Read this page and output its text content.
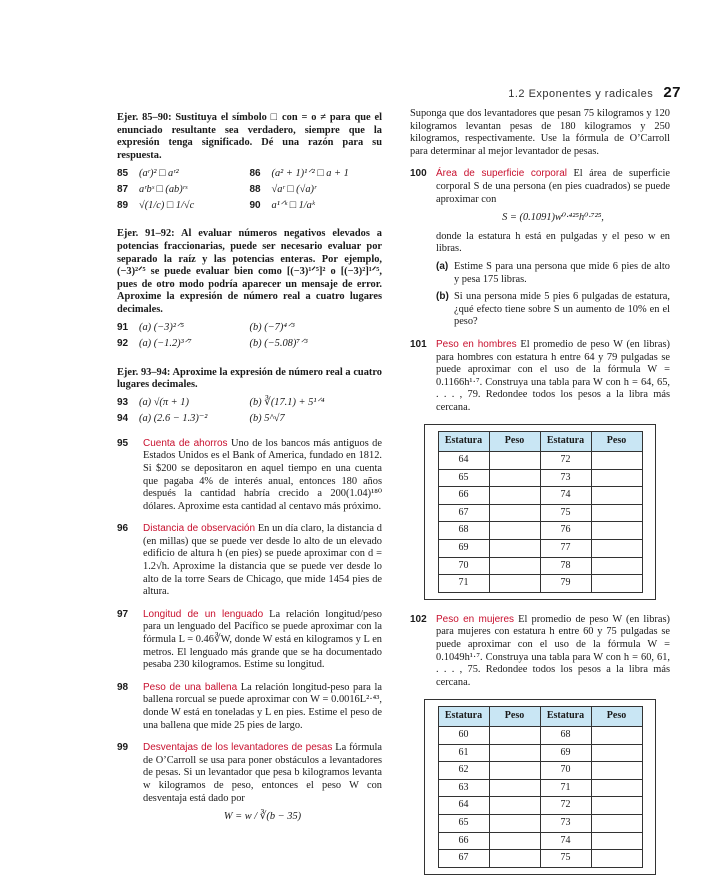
1.2 Exponentes y radicales 27

Ejer. 85–90: Sustituya el símbolo □ con = o ≠ para que el enunciado resultante sea verdadero, siempre que la expresión tenga significado. Dé una razón para su respuesta.

85	(aʳ)² □ aʳ²	86	(a² + 1)¹ᐟ² □ a + 1
87	aʳbˢ □ (ab)ʳˢ	88	√aʳ □ (√a)ʳ
89	√(1/c) □ 1/√c	90	a¹ᐟᵏ □ 1/aᵏ

Ejer. 91–92: Al evaluar números negativos elevados a potencias fraccionarias, puede ser necesario evaluar por separado la raíz y las potencias enteras. Por ejemplo, (−3)²ᐟ⁵ se puede evaluar bien como [(−3)¹ᐟ⁵]² o [(−3)²]¹ᐟ⁵, pues de otro modo podría aparecer un mensaje de error. Aproxime la expresión de número real a cuatro lugares decimales.

91	(a) (−3)²ᐟ⁵	(b) (−7)⁴ᐟ³
92	(a) (−1.2)³ᐟ⁷	(b) (−5.08)⁷ᐟ³

Ejer. 93–94: Aproxime la expresión de número real a cuatro lugares decimales.

93	(a) √(π + 1)	(b) ∛(17.1) + 5¹ᐟ⁴
94	(a) (2.6 − 1.3)⁻²	(b) 5^√7
95	Cuenta de ahorros Uno de los bancos más antiguos de Estados Unidos es el Bank of America, fundado en 1812. Si $200 se depositaron en aquel tiempo en una cuenta que pagaba 4% de interés anual, entonces 180 años después la cantidad habría crecido a 200(1.04)¹⁸⁰ dólares. Aproxime esta cantidad al centavo más próximo.
96	Distancia de observación En un día claro, la distancia d (en millas) que se puede ver desde lo alto de un elevado edificio de altura h (en pies) se puede aproximar con d = 1.2√h. Aproxime la distancia que se puede ver desde lo alto de la torre Sears de Chicago, que mide 1454 pies de altura.
97	Longitud de un lenguado La relación longitud/peso para un lenguado del Pacífico se puede aproximar con la fórmula L = 0.46∛W, donde W está en kilogramos y L en metros. El lenguado más grande que se ha documentado pesaba 230 kilogramos. Estime su longitud.
98	Peso de una ballena La relación longitud-peso para la ballena rorcual se puede aproximar con W = 0.0016L²·⁴³, donde W está en toneladas y L en pies. Estime el peso de una ballena que mide 25 pies de largo.
99	Desventajas de los levantadores de pesas La fórmula de O’Carroll se usa para poner obstáculos a levantadores de pesas. Si un levantador que pesa b kilogramos levanta w kilogramos de peso, entonces el peso W con desventaja está dado por
W = w / ∛(b − 35)

Suponga que dos levantadores que pesan 75 kilogramos y 120 kilogramos levantan pesas de 180 kilogramos y 250 kilogramos, respectivamente. Use la fórmula de O’Carroll para determinar al mejor levantador de pesas.

100 Área de superficie corporal El área de superficie corporal S de una persona (en pies cuadrados) se puede aproximar con
S = (0.1091)w⁰·⁴²⁵h⁰·⁷²⁵,
donde la estatura h está en pulgadas y el peso w en libras.
(a) Estime S para una persona que mide 6 pies de alto y pesa 175 libras.
(b) Si una persona mide 5 pies 6 pulgadas de estatura, ¿qué efecto tiene sobre S un aumento de 10% en el peso?
101 Peso en hombres El promedio de peso W (en libras) para hombres con estatura h entre 64 y 79 pulgadas se puede aproximar con el uso de la fórmula W = 0.1166h¹·⁷. Construya una tabla para W con h = 64, 65, . . . , 79. Redondee todos los pesos a la libra más cercana.
Estatura	Peso	Estatura	Peso
64		72	
65		73	
66		74	
67		75	
68		76	
69		77	
70		78	
71		79	
102 Peso en mujeres El promedio de peso W (en libras) para mujeres con estatura h entre 60 y 75 pulgadas se puede aproximar con el uso de la fórmula W = 0.1049h¹·⁷. Construya una tabla para W con h = 60, 61, . . . , 75. Redondee todos los pesos a la libra más cercana.
Estatura	Peso	Estatura	Peso
60		68	
61		69	
62		70	
63		71	
64		72	
65		73	
66		74	
67		75	
